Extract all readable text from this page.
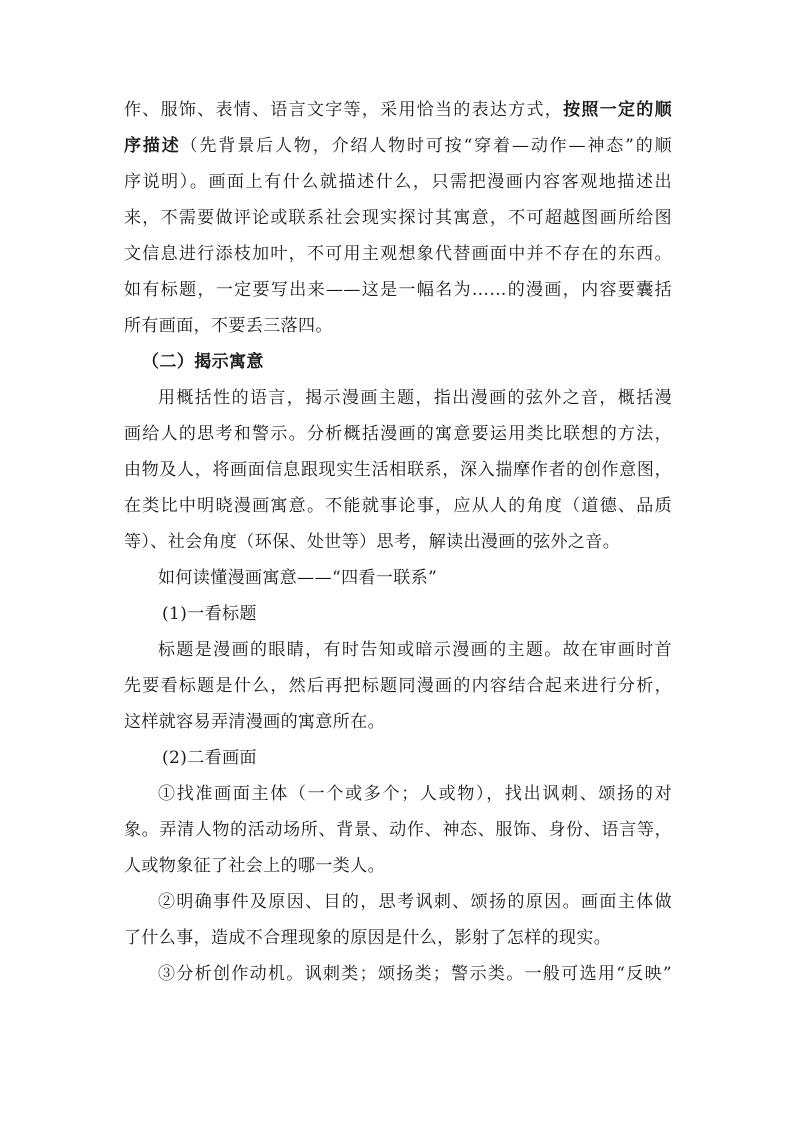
作、服饰、表情、语言文字等，采用恰当的表达方式，按照一定的顺
序描述（先背景后人物，介绍人物时可按“穿着—动作—神态”的顺
序说明）。画面上有什么就描述什么，只需把漫画内容客观地描述出
来，不需要做评论或联系社会现实探讨其寓意，不可超越图画所给图
文信息进行添枝加叶，不可用主观想象代替画面中并不存在的东西。
如有标题，一定要写出来——这是一幅名为……的漫画，内容要囊括
所有画面，不要丢三落四。
（二）揭示寓意
用概括性的语言，揭示漫画主题，指出漫画的弦外之音，概括漫
画给人的思考和警示。分析概括漫画的寓意要运用类比联想的方法，
由物及人，将画面信息跟现实生活相联系，深入揣摩作者的创作意图，
在类比中明晓漫画寓意。不能就事论事，应从人的角度（道德、品质
等）、社会角度（环保、处世等）思考，解读出漫画的弦外之音。
如何读懂漫画寓意——“四看一联系”
(1)一看标题
标题是漫画的眼睛，有时告知或暗示漫画的主题。故在审画时首
先要看标题是什么，然后再把标题同漫画的内容结合起来进行分析，
这样就容易弄清漫画的寓意所在。
(2)二看画面
①找准画面主体（一个或多个；人或物），找出讽刺、颂扬的对
象。弄清人物的活动场所、背景、动作、神态、服饰、身份、语言等，
人或物象征了社会上的哪一类人。
②明确事件及原因、目的，思考讽刺、颂扬的原因。画面主体做
了什么事，造成不合理现象的原因是什么，影射了怎样的现实。
③分析创作动机。讽刺类；颂扬类；警示类。一般可选用“反映”
